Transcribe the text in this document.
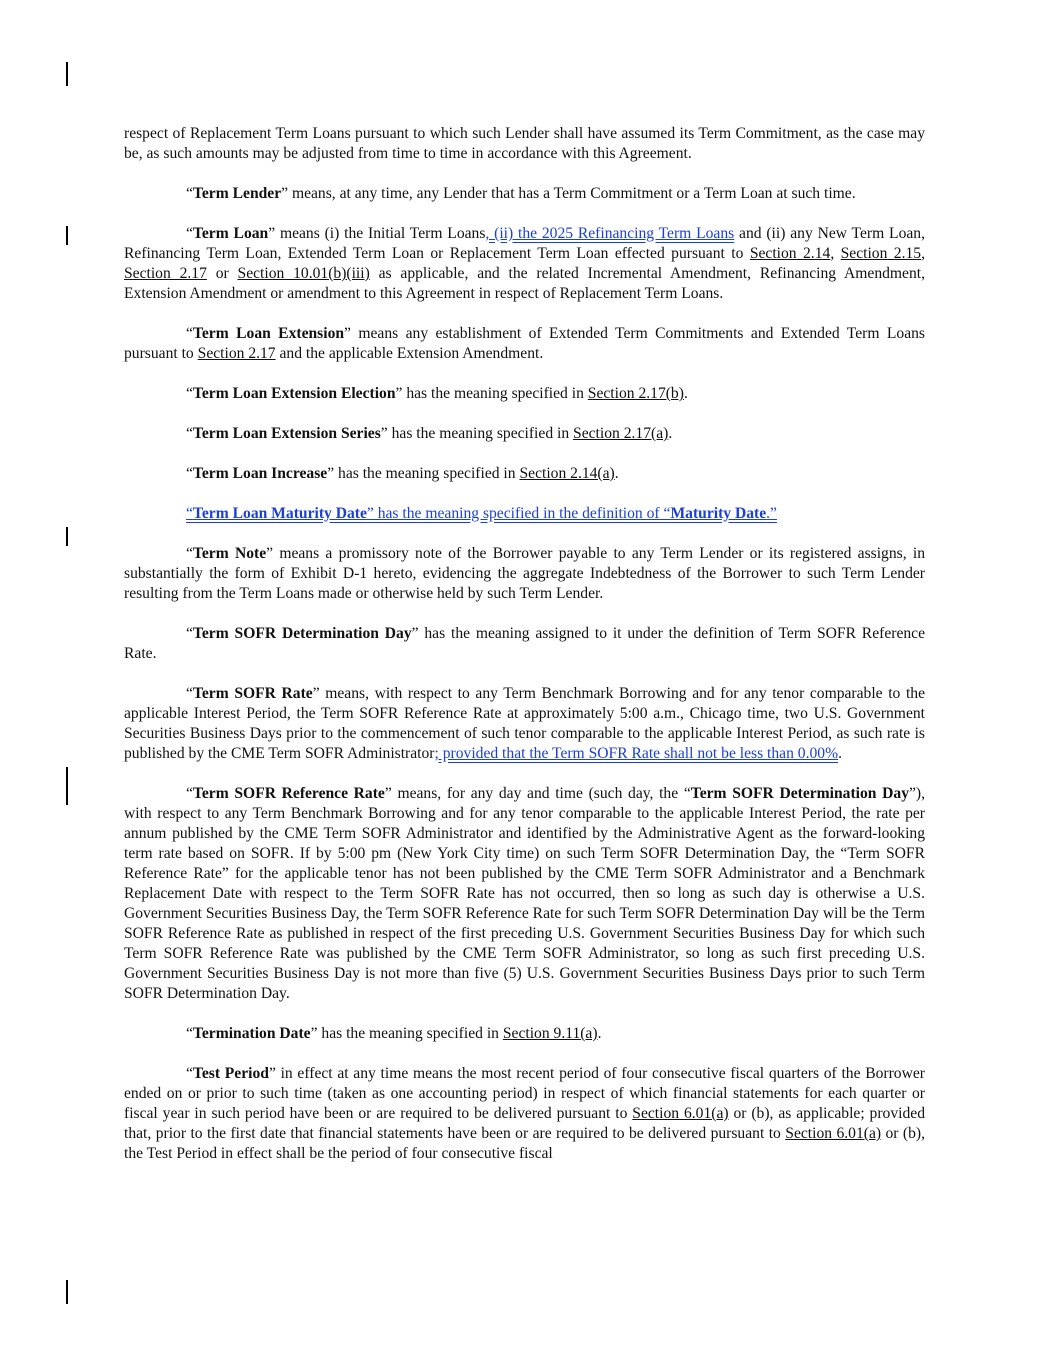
respect of Replacement Term Loans pursuant to which such Lender shall have assumed its Term Commitment, as the case may be, as such amounts may be adjusted from time to time in accordance with this Agreement.

“Term Lender” means, at any time, any Lender that has a Term Commitment or a Term Loan at such time.

“Term Loan” means (i) the Initial Term Loans, (ii) the 2025 Refinancing Term Loans and (ii) any New Term Loan, Refinancing Term Loan, Extended Term Loan or Replacement Term Loan effected pursuant to Section 2.14, Section 2.15, Section 2.17 or Section 10.01(b)(iii) as applicable, and the related Incremental Amendment, Refinancing Amendment, Extension Amendment or amendment to this Agreement in respect of Replacement Term Loans.

“Term Loan Extension” means any establishment of Extended Term Commitments and Extended Term Loans pursuant to Section 2.17 and the applicable Extension Amendment.

“Term Loan Extension Election” has the meaning specified in Section 2.17(b).

“Term Loan Extension Series” has the meaning specified in Section 2.17(a).

“Term Loan Increase” has the meaning specified in Section 2.14(a).

“Term Loan Maturity Date” has the meaning specified in the definition of “Maturity Date.”

“Term Note” means a promissory note of the Borrower payable to any Term Lender or its registered assigns, in substantially the form of Exhibit D-1 hereto, evidencing the aggregate Indebtedness of the Borrower to such Term Lender resulting from the Term Loans made or otherwise held by such Term Lender.

“Term SOFR Determination Day” has the meaning assigned to it under the definition of Term SOFR Reference Rate.

“Term SOFR Rate” means, with respect to any Term Benchmark Borrowing and for any tenor comparable to the applicable Interest Period, the Term SOFR Reference Rate at approximately 5:00 a.m., Chicago time, two U.S. Government Securities Business Days prior to the commencement of such tenor comparable to the applicable Interest Period, as such rate is published by the CME Term SOFR Administrator; provided that the Term SOFR Rate shall not be less than 0.00%.

“Term SOFR Reference Rate” means, for any day and time (such day, the “Term SOFR Determination Day”), with respect to any Term Benchmark Borrowing and for any tenor comparable to the applicable Interest Period, the rate per annum published by the CME Term SOFR Administrator and identified by the Administrative Agent as the forward-looking term rate based on SOFR. If by 5:00 pm (New York City time) on such Term SOFR Determination Day, the “Term SOFR Reference Rate” for the applicable tenor has not been published by the CME Term SOFR Administrator and a Benchmark Replacement Date with respect to the Term SOFR Rate has not occurred, then so long as such day is otherwise a U.S. Government Securities Business Day, the Term SOFR Reference Rate for such Term SOFR Determination Day will be the Term SOFR Reference Rate as published in respect of the first preceding U.S. Government Securities Business Day for which such Term SOFR Reference Rate was published by the CME Term SOFR Administrator, so long as such first preceding U.S. Government Securities Business Day is not more than five (5) U.S. Government Securities Business Days prior to such Term SOFR Determination Day.

“Termination Date” has the meaning specified in Section 9.11(a).

“Test Period” in effect at any time means the most recent period of four consecutive fiscal quarters of the Borrower ended on or prior to such time (taken as one accounting period) in respect of which financial statements for each quarter or fiscal year in such period have been or are required to be delivered pursuant to Section 6.01(a) or (b), as applicable; provided that, prior to the first date that financial statements have been or are required to be delivered pursuant to Section 6.01(a) or (b), the Test Period in effect shall be the period of four consecutive fiscal
